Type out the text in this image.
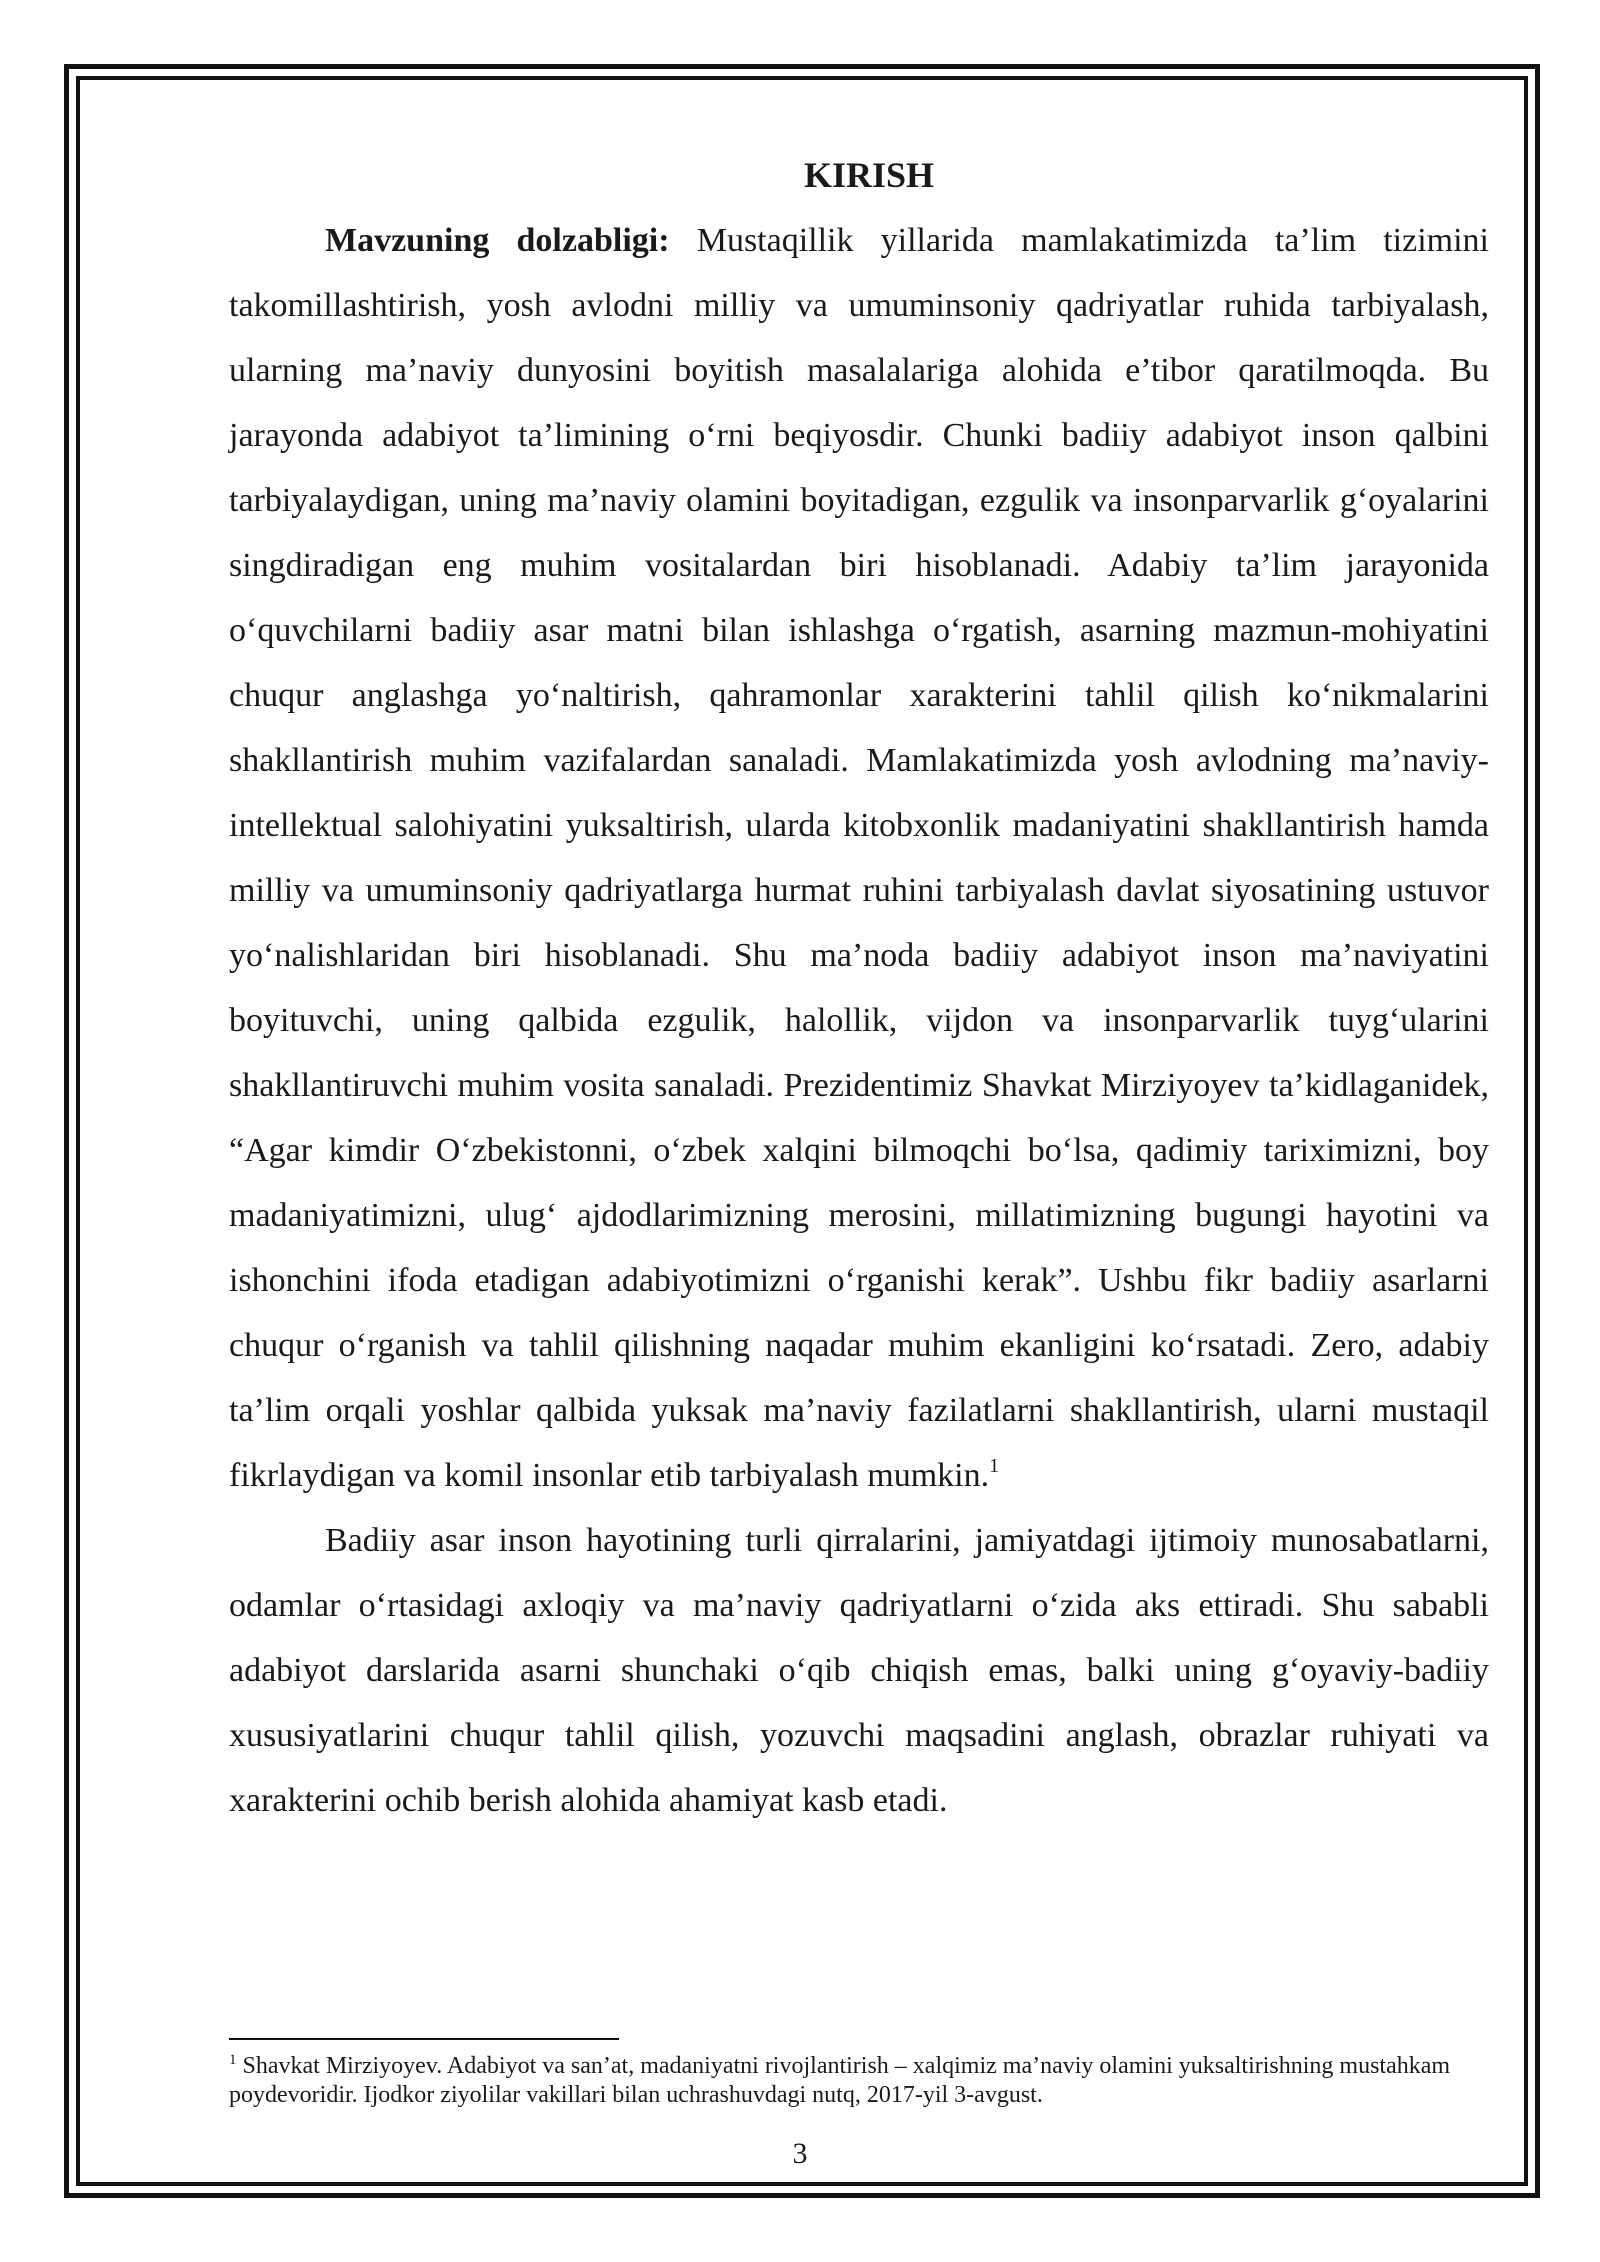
KIRISH

Mavzuning dolzabligi: Mustaqillik yillarida mamlakatimizda ta’lim tizimini takomillashtirish, yosh avlodni milliy va umuminsoniy qadriyatlar ruhida tarbiyalash, ularning ma’naviy dunyosini boyitish masalalariga alohida e’tibor qaratilmoqda. Bu jarayonda adabiyot ta’limining o‘rni beqiyosdir. Chunki badiiy adabiyot inson qalbini tarbiyalaydigan, uning ma’naviy olamini boyitadigan, ezgulik va insonparvarlik g‘oyalarini singdiradigan eng muhim vositalardan biri hisoblanadi. Adabiy ta’lim jarayonida o‘quvchilarni badiiy asar matni bilan ishlashga o‘rgatish, asarning mazmun-mohiyatini chuqur anglashga yo‘naltirish, qahramonlar xarakterini tahlil qilish ko‘nikmalarini shakllantirish muhim vazifalardan sanaladi. Mamlakatimizda yosh avlodning ma’naviy-intellektual salohiyatini yuksaltirish, ularda kitobxonlik madaniyatini shakllantirish hamda milliy va umuminsoniy qadriyatlarga hurmat ruhini tarbiyalash davlat siyosatining ustuvor yo‘nalishlaridan biri hisoblanadi. Shu ma’noda badiiy adabiyot inson ma’naviyatini boyituvchi, uning qalbida ezgulik, halollik, vijdon va insonparvarlik tuyg‘ularini shakllantiruvchi muhim vosita sanaladi. Prezidentimiz Shavkat Mirziyoyev ta’kidlaganidek, “Agar kimdir O‘zbekistonni, o‘zbek xalqini bilmoqchi bo‘lsa, qadimiy tariximizni, boy madaniyatimizni, ulug‘ ajdodlarimizning merosini, millatimizning bugungi hayotini va ishonchini ifoda etadigan adabiyotimizni o‘rganishi kerak”. Ushbu fikr badiiy asarlarni chuqur o‘rganish va tahlil qilishning naqadar muhim ekanligini ko‘rsatadi. Zero, adabiy ta’lim orqali yoshlar qalbida yuksak ma’naviy fazilatlarni shakllantirish, ularni mustaqil fikrlaydigan va komil insonlar etib tarbiyalash mumkin.$^1$

Badiiy asar inson hayotining turli qirralarini, jamiyatdagi ijtimoiy munosabatlarni, odamlar o‘rtasidagi axloqiy va ma’naviy qadriyatlarni o‘zida aks ettiradi. Shu sababli adabiyot darslarida asarni shunchaki o‘qib chiqish emas, balki uning g‘oyaviy-badiiy xususiyatlarini chuqur tahlil qilish, yozuvchi maqsadini anglash, obrazlar ruhiyati va xarakterini ochib berish alohida ahamiyat kasb etadi.

$^1$ Shavkat Mirziyoyev. Adabiyot va san’at, madaniyatni rivojlantirish – xalqimiz ma’naviy olamini yuksaltirishning mustahkam poydevoridir. Ijodkor ziyolilar vakillari bilan uchrashuvdagi nutq, 2017-yil 3-avgust.
3
